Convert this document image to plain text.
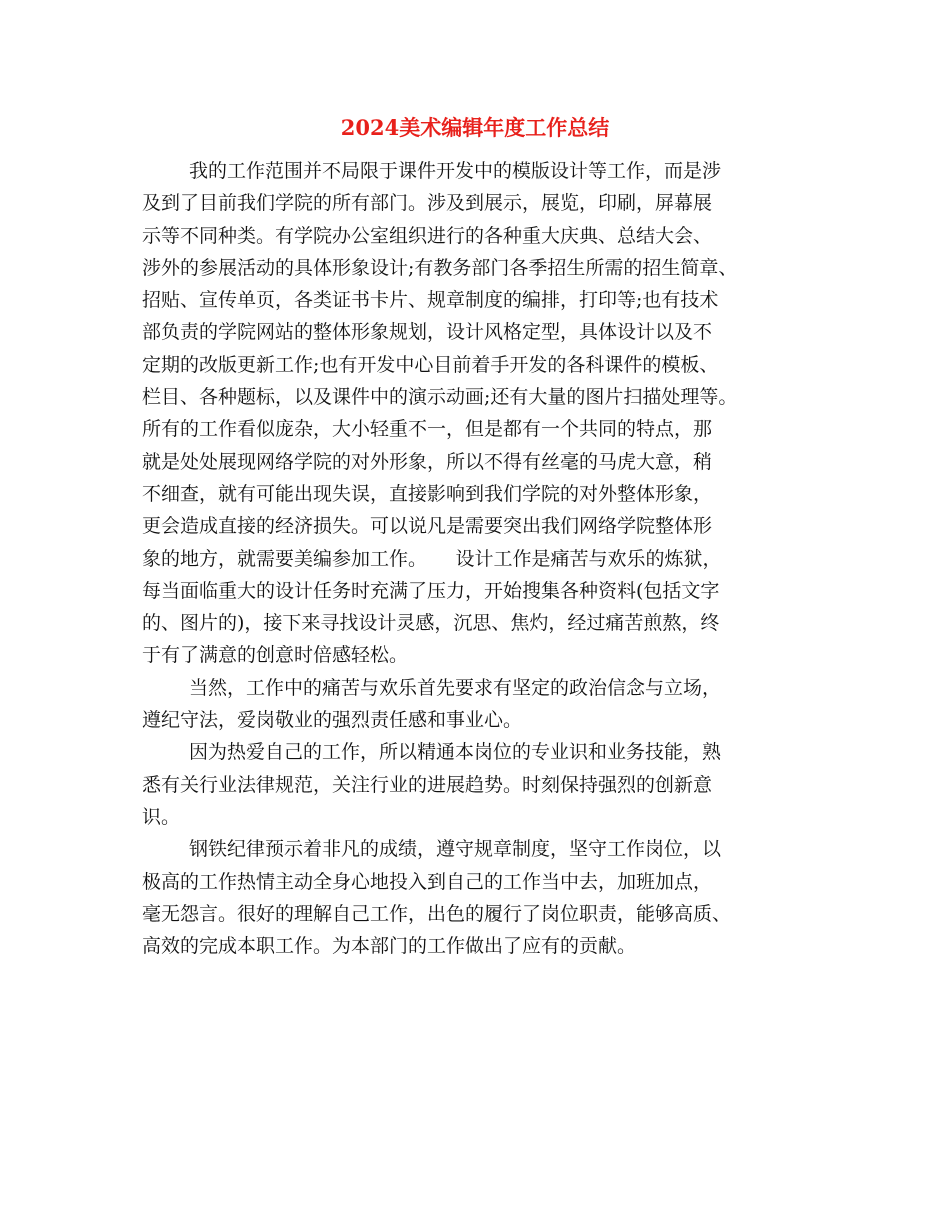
2024美术编辑年度工作总结
我的工作范围并不局限于课件开发中的模版设计等工作，而是涉
及到了目前我们学院的所有部门。涉及到展示，展览，印刷，屏幕展
示等不同种类。有学院办公室组织进行的各种重大庆典、总结大会、
涉外的参展活动的具体形象设计;有教务部门各季招生所需的招生简章、
招贴、宣传单页，各类证书卡片、规章制度的编排，打印等;也有技术
部负责的学院网站的整体形象规划，设计风格定型，具体设计以及不
定期的改版更新工作;也有开发中心目前着手开发的各科课件的模板、
栏目、各种题标，以及课件中的演示动画;还有大量的图片扫描处理等。
所有的工作看似庞杂，大小轻重不一，但是都有一个共同的特点，那
就是处处展现网络学院的对外形象，所以不得有丝毫的马虎大意，稍
不细查，就有可能出现失误，直接影响到我们学院的对外整体形象，
更会造成直接的经济损失。可以说凡是需要突出我们网络学院整体形
象的地方，就需要美编参加工作。　　设计工作是痛苦与欢乐的炼狱，
每当面临重大的设计任务时充满了压力，开始搜集各种资料(包括文字
的、图片的)，接下来寻找设计灵感，沉思、焦灼，经过痛苦煎熬，终
于有了满意的创意时倍感轻松。
当然，工作中的痛苦与欢乐首先要求有坚定的政治信念与立场，
遵纪守法，爱岗敬业的强烈责任感和事业心。
因为热爱自己的工作，所以精通本岗位的专业识和业务技能，熟
悉有关行业法律规范，关注行业的进展趋势。时刻保持强烈的创新意
识。
钢铁纪律预示着非凡的成绩，遵守规章制度，坚守工作岗位，以
极高的工作热情主动全身心地投入到自己的工作当中去，加班加点，
毫无怨言。很好的理解自己工作，出色的履行了岗位职责，能够高质、
高效的完成本职工作。为本部门的工作做出了应有的贡献。
